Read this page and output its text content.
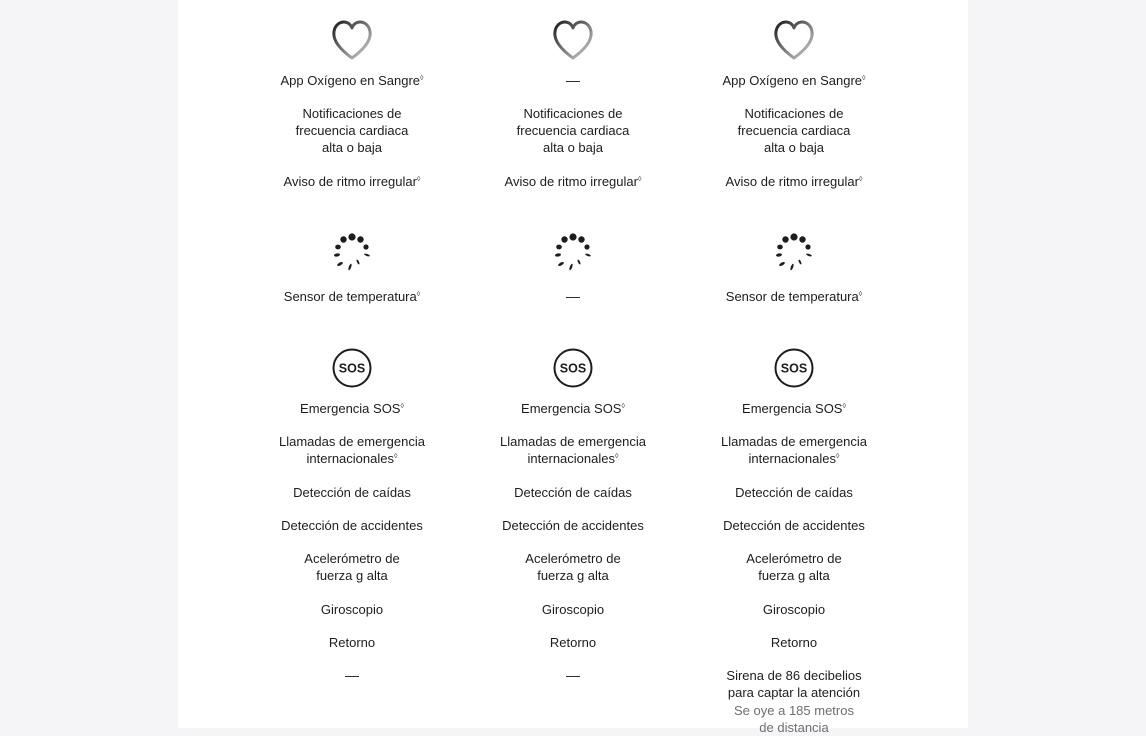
App Oxígeno en Sangre◊
Notificaciones de
frecuencia cardiaca
alta o baja
Aviso de ritmo irregular◊
Sensor de temperatura◊
SOS
Emergencia SOS◊
Llamadas de emergencia
internacionales◊
Detección de caídas
Detección de accidentes
Acelerómetro de
fuerza g alta
Giroscopio
Retorno
—
—
Notificaciones de
frecuencia cardiaca
alta o baja
Aviso de ritmo irregular◊
—
SOS
Emergencia SOS◊
Llamadas de emergencia
internacionales◊
Detección de caídas
Detección de accidentes
Acelerómetro de
fuerza g alta
Giroscopio
Retorno
—
App Oxígeno en Sangre◊
Notificaciones de
frecuencia cardiaca
alta o baja
Aviso de ritmo irregular◊
Sensor de temperatura◊
SOS
Emergencia SOS◊
Llamadas de emergencia
internacionales◊
Detección de caídas
Detección de accidentes
Acelerómetro de
fuerza g alta
Giroscopio
Retorno
Sirena de 86 decibelios
para captar la atención
Se oye a 185 metros
de distancia
